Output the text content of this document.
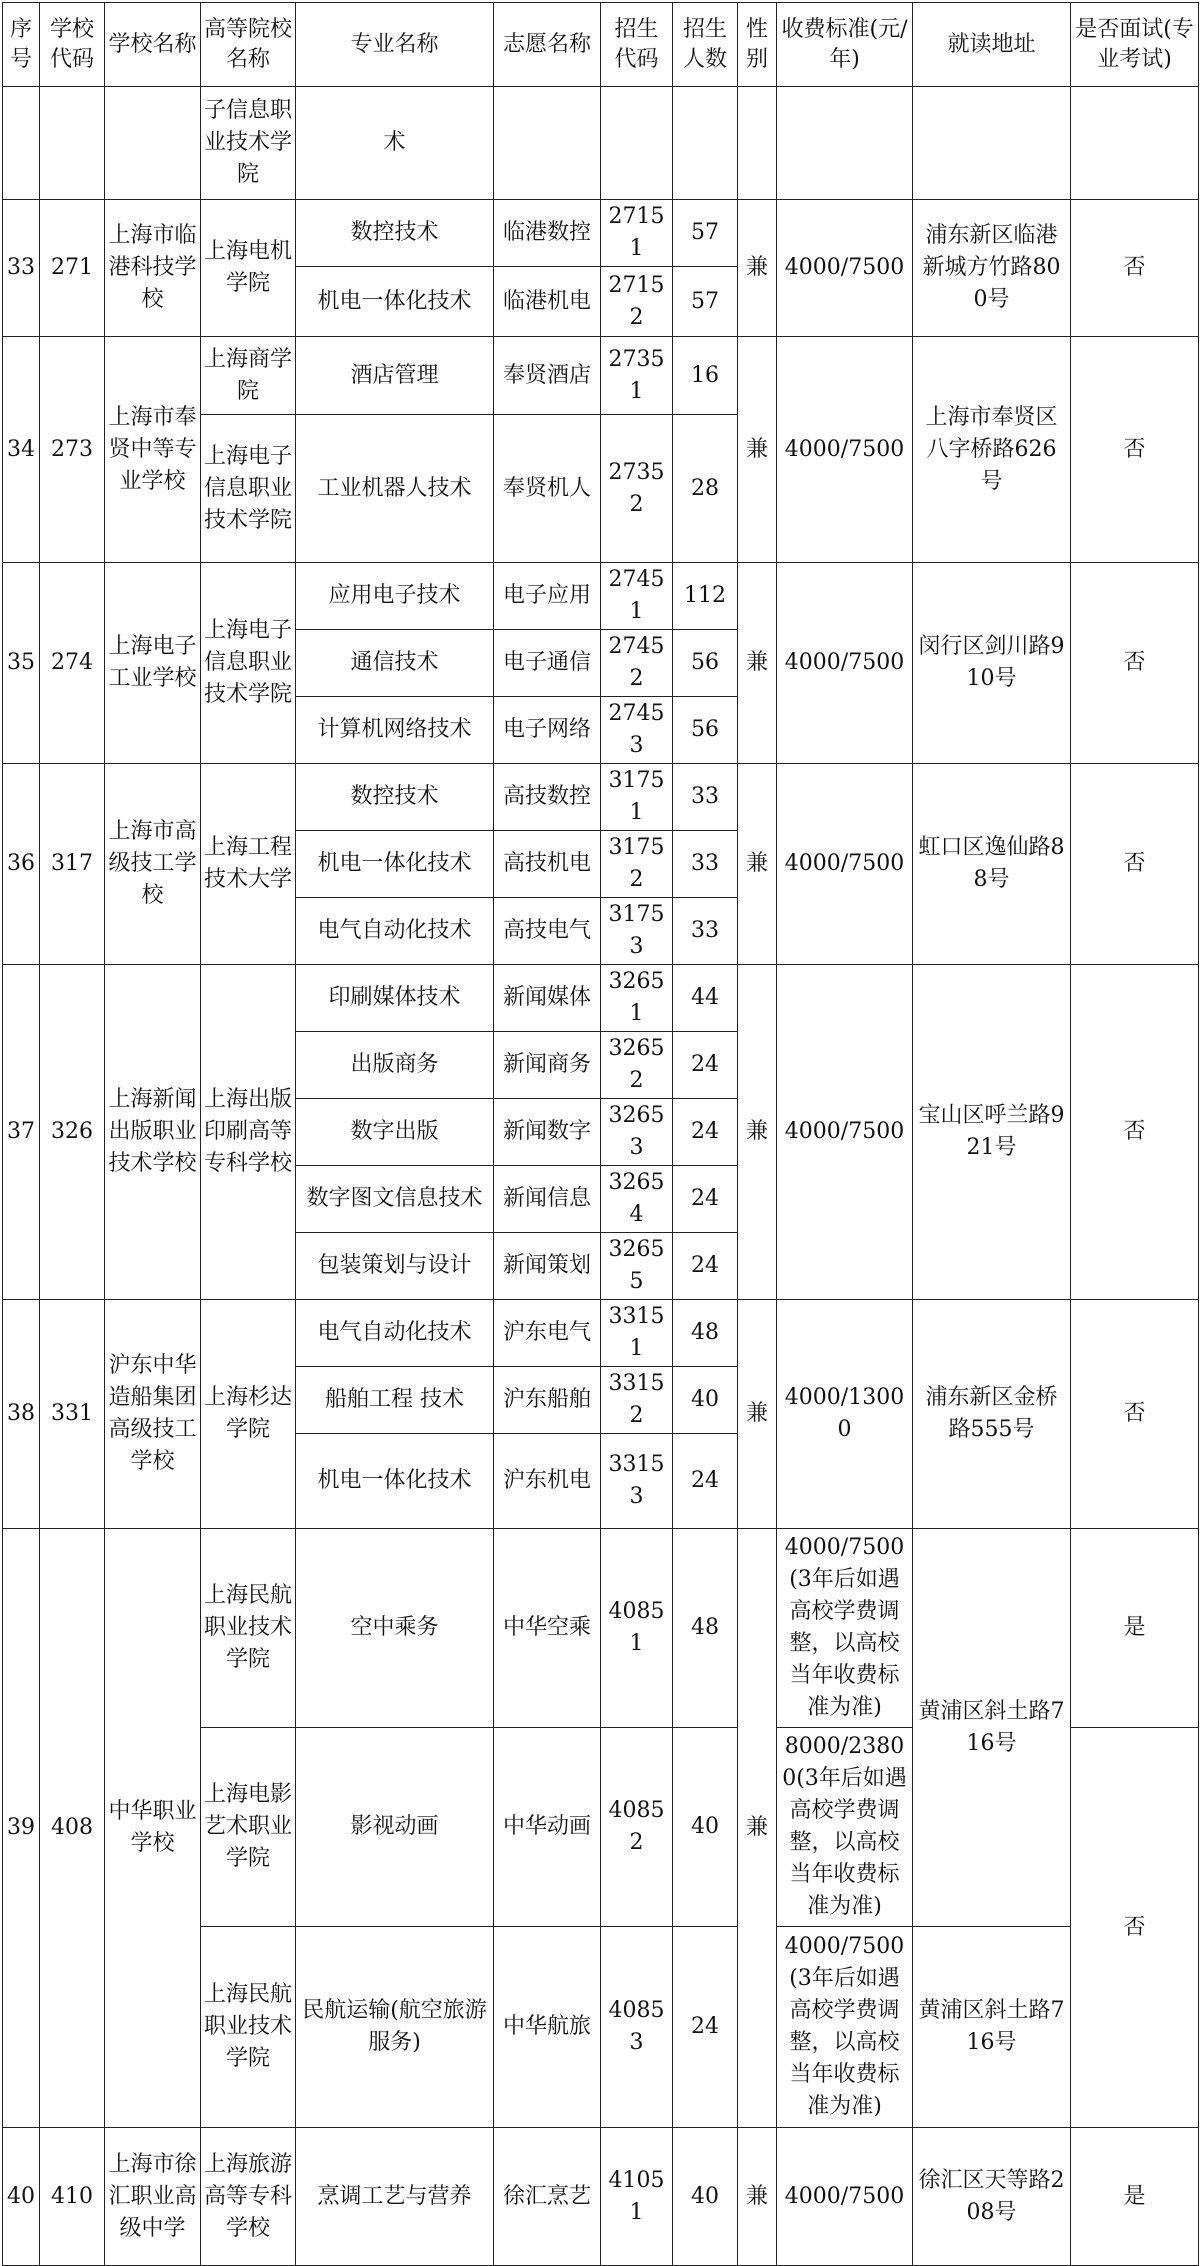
序号	学校代码	学校名称	高等院校名称	专业名称	志愿名称	招生代码	招生人数	性别	收费标准(元/年)	就读地址	是否面试(专业考试)
			子信息职业技术学院	术							
33	271	上海市临港科技学校	上海电机学院	数控技术	临港数控	27151	57	兼	4000/7500	浦东新区临港新城方竹路800号	否
				机电一体化技术	临港机电	27152	57				
34	273	上海市奉贤中等专业学校	上海商学院	酒店管理	奉贤酒店	27351	16	兼	4000/7500	上海市奉贤区八字桥路626号	否
			上海电子信息职业技术学院	工业机器人技术	奉贤机人	27352	28				
35	274	上海电子工业学校	上海电子信息职业技术学院	应用电子技术	电子应用	27451	112	兼	4000/7500	闵行区剑川路910号	否
				通信技术	电子通信	27452	56				
				计算机网络技术	电子网络	27453	56				
36	317	上海市高级技工学校	上海工程技术大学	数控技术	高技数控	31751	33	兼	4000/7500	虹口区逸仙路88号	否
				机电一体化技术	高技机电	31752	33				
				电气自动化技术	高技电气	31753	33				
37	326	上海新闻出版职业技术学校	上海出版印刷高等专科学校	印刷媒体技术	新闻媒体	32651	44	兼	4000/7500	宝山区呼兰路921号	否
				出版商务	新闻商务	32652	24				
				数字出版	新闻数字	32653	24				
				数字图文信息技术	新闻信息	32654	24				
				包装策划与设计	新闻策划	32655	24				
38	331	沪东中华造船集团高级技工学校	上海杉达学院	电气自动化技术	沪东电气	33151	48	兼	4000/13000	浦东新区金桥路555号	否
				船舶工程 技术	沪东船舶	33152	40				
				机电一体化技术	沪东机电	33153	24				
39	408	中华职业学校	上海民航职业技术学院	空中乘务	中华空乘	40851	48	兼	4000/7500(3年后如遇高校学费调整，以高校当年收费标准为准)	黄浦区斜土路716号	是
			上海电影艺术职业学院	影视动画	中华动画	40852	40		8000/23800(3年后如遇高校学费调整，以高校当年收费标准为准)		否
			上海民航职业技术学院	民航运输(航空旅游服务)	中华航旅	40853	24		4000/7500(3年后如遇高校学费调整，以高校当年收费标准为准)	黄浦区斜土路716号	
40	410	上海市徐汇职业高级中学	上海旅游高等专科学校	烹调工艺与营养	徐汇烹艺	41051	40	兼	4000/7500	徐汇区天等路208号	是
